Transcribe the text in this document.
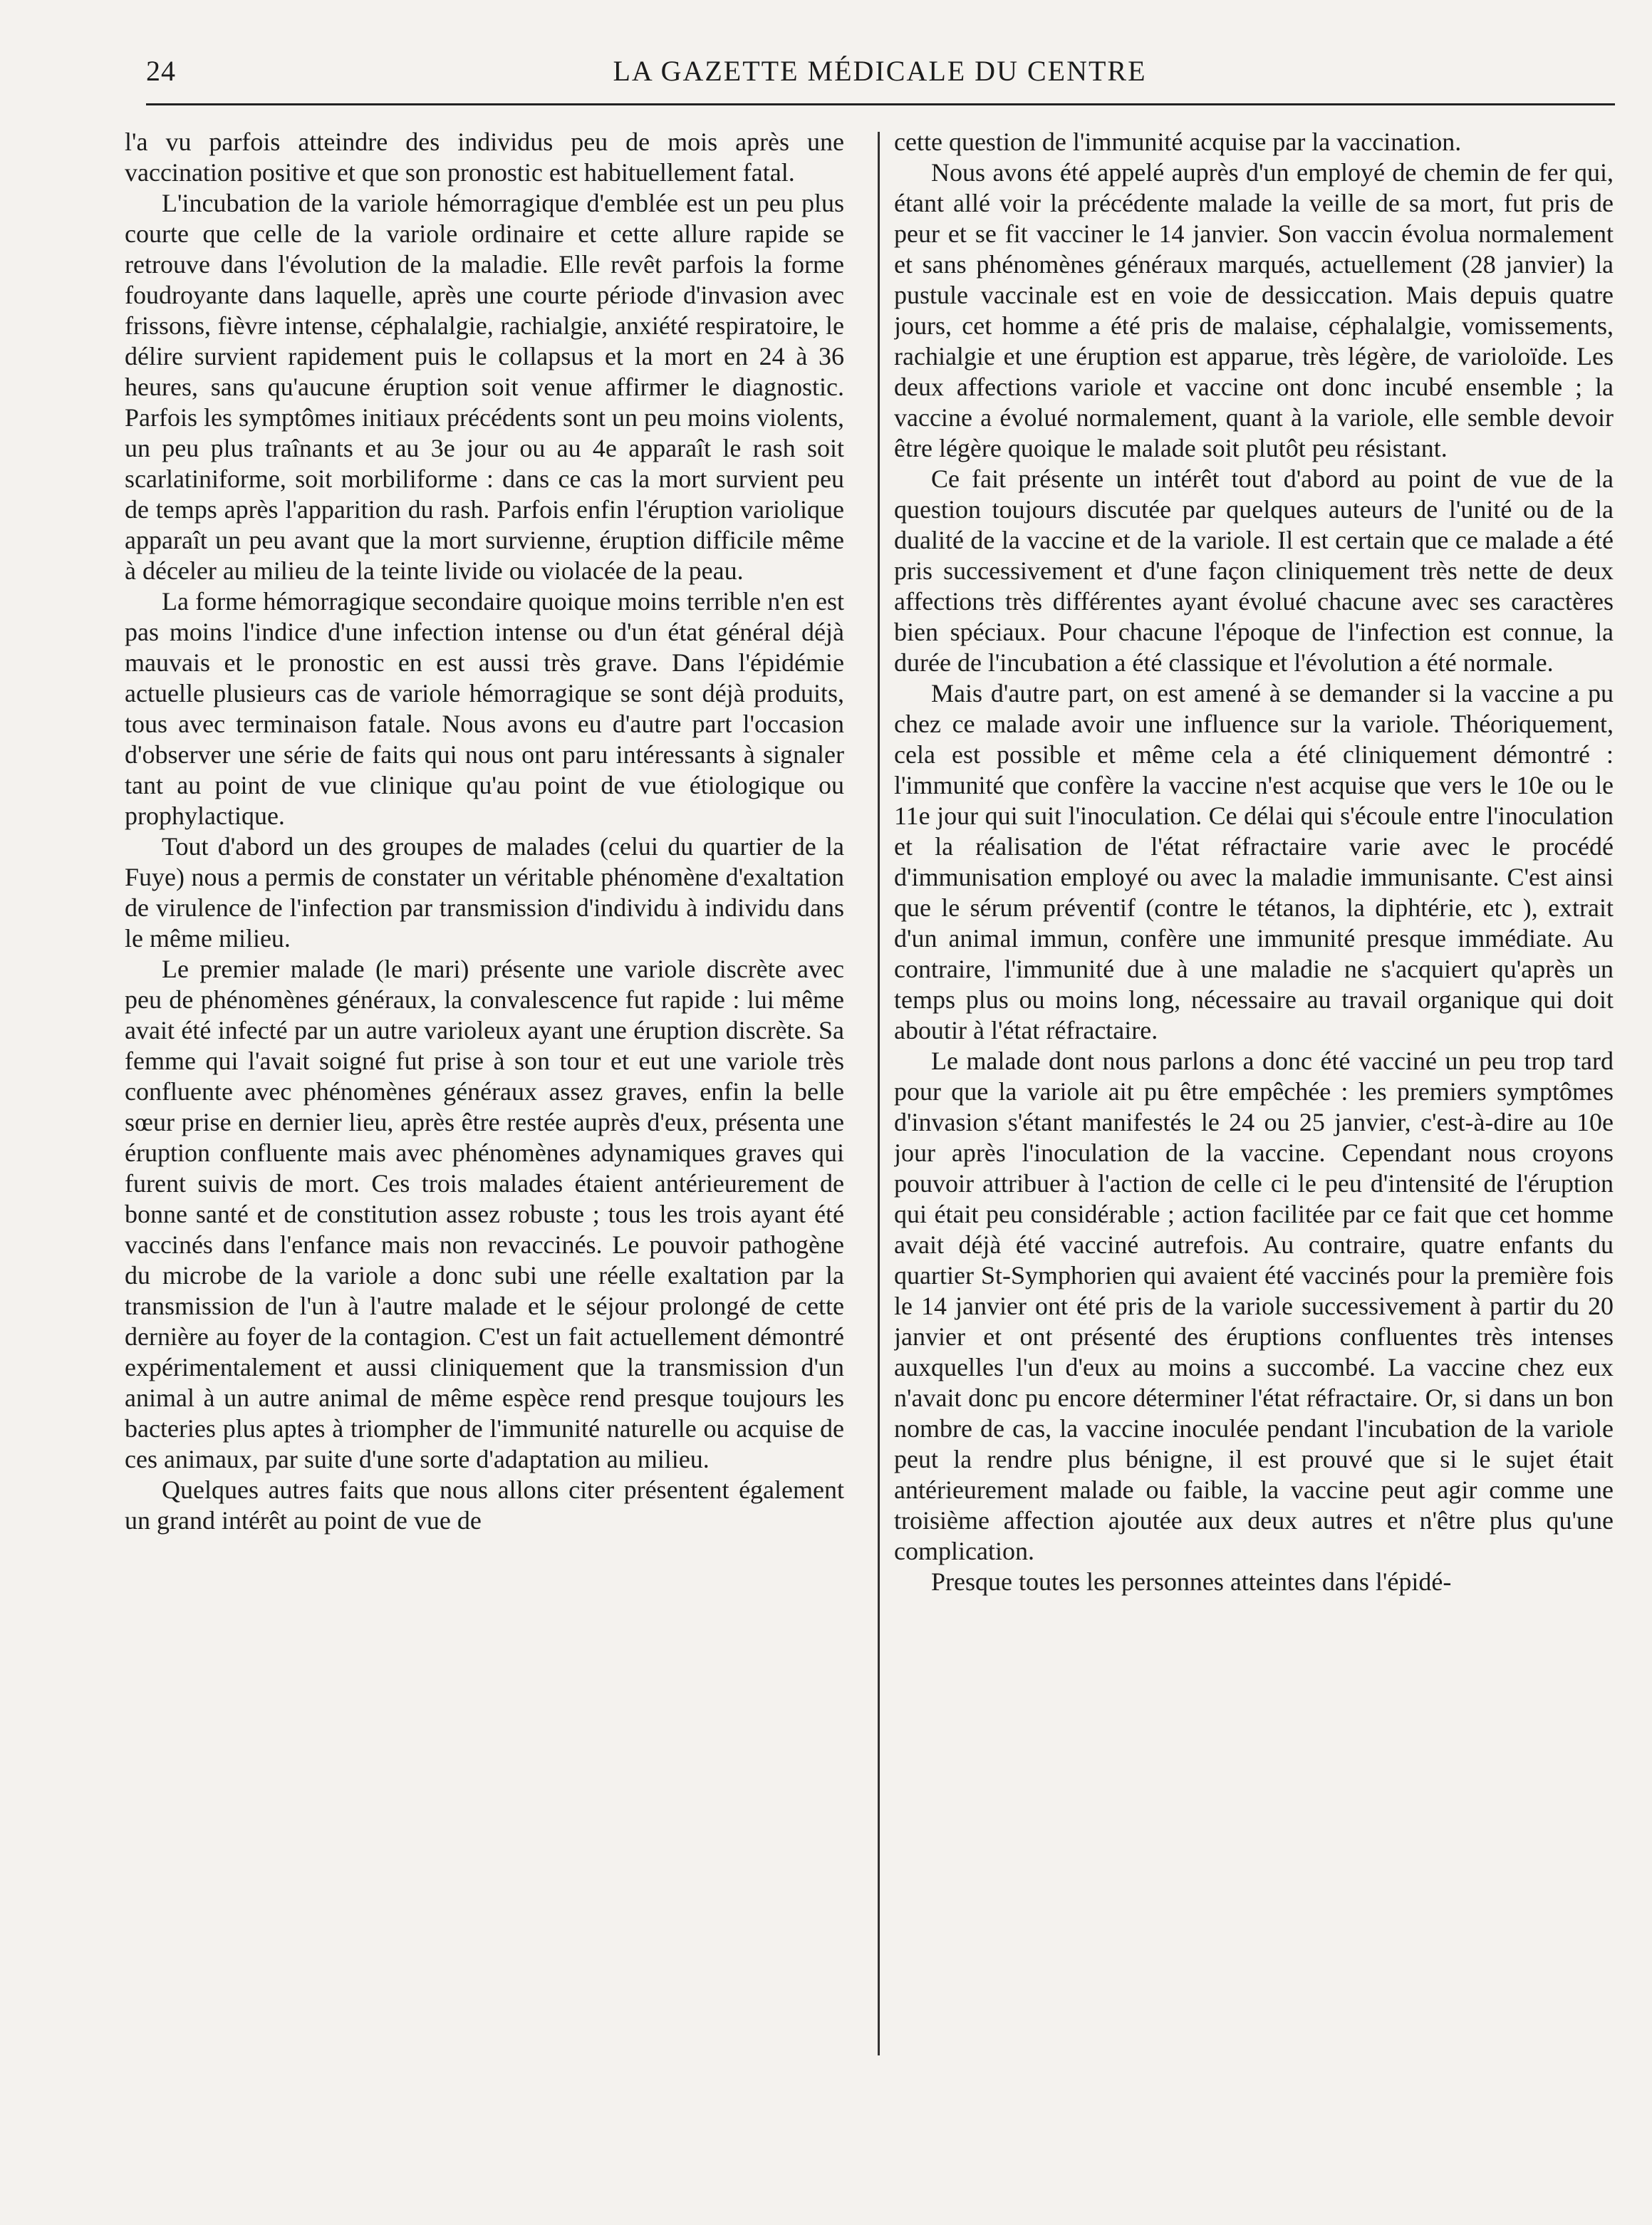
24	LA GAZETTE MÉDICALE DU CENTRE

l'a vu parfois atteindre des individus peu de mois après une vaccination positive et que son pronostic est habituellement fatal.

L'incubation de la variole hémorragique d'emblée est un peu plus courte que celle de la variole ordinaire et cette allure rapide se retrouve dans l'évolution de la maladie. Elle revêt parfois la forme foudroyante dans laquelle, après une courte période d'invasion avec frissons, fièvre intense, céphalalgie, rachialgie, anxiété respiratoire, le délire survient rapidement puis le collapsus et la mort en 24 à 36 heures, sans qu'aucune éruption soit venue affirmer le diagnostic. Parfois les symptômes initiaux précédents sont un peu moins violents, un peu plus traînants et au 3e jour ou au 4e apparaît le rash soit scarlatiniforme, soit morbiliforme : dans ce cas la mort survient peu de temps après l'apparition du rash. Parfois enfin l'éruption variolique apparaît un peu avant que la mort survienne, éruption difficile même à déceler au milieu de la teinte livide ou violacée de la peau.

La forme hémorragique secondaire quoique moins terrible n'en est pas moins l'indice d'une infection intense ou d'un état général déjà mauvais et le pronostic en est aussi très grave. Dans l'épidémie actuelle plusieurs cas de variole hémorragique se sont déjà produits, tous avec terminaison fatale. Nous avons eu d'autre part l'occasion d'observer une série de faits qui nous ont paru intéressants à signaler tant au point de vue clinique qu'au point de vue étiologique ou prophylactique.

Tout d'abord un des groupes de malades (celui du quartier de la Fuye) nous a permis de constater un véritable phénomène d'exaltation de virulence de l'infection par transmission d'individu à individu dans le même milieu.

Le premier malade (le mari) présente une variole discrète avec peu de phénomènes généraux, la convalescence fut rapide : lui même avait été infecté par un autre varioleux ayant une éruption discrète. Sa femme qui l'avait soigné fut prise à son tour et eut une variole très confluente avec phénomènes généraux assez graves, enfin la belle sœur prise en dernier lieu, après être restée auprès d'eux, présenta une éruption confluente mais avec phénomènes adynamiques graves qui furent suivis de mort. Ces trois malades étaient antérieurement de bonne santé et de constitution assez robuste ; tous les trois ayant été vaccinés dans l'enfance mais non revaccinés. Le pouvoir pathogène du microbe de la variole a donc subi une réelle exaltation par la transmission de l'un à l'autre malade et le séjour prolongé de cette dernière au foyer de la contagion. C'est un fait actuellement démontré expérimentalement et aussi cliniquement que la transmission d'un animal à un autre animal de même espèce rend presque toujours les bacteries plus aptes à triompher de l'immunité naturelle ou acquise de ces animaux, par suite d'une sorte d'adaptation au milieu.

Quelques autres faits que nous allons citer présentent également un grand intérêt au point de vue de

cette question de l'immunité acquise par la vaccination.

Nous avons été appelé auprès d'un employé de chemin de fer qui, étant allé voir la précédente malade la veille de sa mort, fut pris de peur et se fit vacciner le 14 janvier. Son vaccin évolua normalement et sans phénomènes généraux marqués, actuellement (28 janvier) la pustule vaccinale est en voie de dessiccation. Mais depuis quatre jours, cet homme a été pris de malaise, céphalalgie, vomissements, rachialgie et une éruption est apparue, très légère, de varioloïde. Les deux affections variole et vaccine ont donc incubé ensemble ; la vaccine a évolué normalement, quant à la variole, elle semble devoir être légère quoique le malade soit plutôt peu résistant.

Ce fait présente un intérêt tout d'abord au point de vue de la question toujours discutée par quelques auteurs de l'unité ou de la dualité de la vaccine et de la variole. Il est certain que ce malade a été pris successivement et d'une façon cliniquement très nette de deux affections très différentes ayant évolué chacune avec ses caractères bien spéciaux. Pour chacune l'époque de l'infection est connue, la durée de l'incubation a été classique et l'évolution a été normale.

Mais d'autre part, on est amené à se demander si la vaccine a pu chez ce malade avoir une influence sur la variole. Théoriquement, cela est possible et même cela a été cliniquement démontré : l'immunité que confère la vaccine n'est acquise que vers le 10e ou le 11e jour qui suit l'inoculation. Ce délai qui s'écoule entre l'inoculation et la réalisation de l'état réfractaire varie avec le procédé d'immunisation employé ou avec la maladie immunisante. C'est ainsi que le sérum préventif (contre le tétanos, la diphtérie, etc ), extrait d'un animal immun, confère une immunité presque immédiate. Au contraire, l'immunité due à une maladie ne s'acquiert qu'après un temps plus ou moins long, nécessaire au travail organique qui doit aboutir à l'état réfractaire.

Le malade dont nous parlons a donc été vacciné un peu trop tard pour que la variole ait pu être empêchée : les premiers symptômes d'invasion s'étant manifestés le 24 ou 25 janvier, c'est-à-dire au 10e jour après l'inoculation de la vaccine. Cependant nous croyons pouvoir attribuer à l'action de celle ci le peu d'intensité de l'éruption qui était peu considérable ; action facilitée par ce fait que cet homme avait déjà été vacciné autrefois. Au contraire, quatre enfants du quartier St-Symphorien qui avaient été vaccinés pour la première fois le 14 janvier ont été pris de la variole successivement à partir du 20 janvier et ont présenté des éruptions confluentes très intenses auxquelles l'un d'eux au moins a succombé. La vaccine chez eux n'avait donc pu encore déterminer l'état réfractaire. Or, si dans un bon nombre de cas, la vaccine inoculée pendant l'incubation de la variole peut la rendre plus bénigne, il est prouvé que si le sujet était antérieurement malade ou faible, la vaccine peut agir comme une troisième affection ajoutée aux deux autres et n'être plus qu'une complication.

Presque toutes les personnes atteintes dans l'épidé-
